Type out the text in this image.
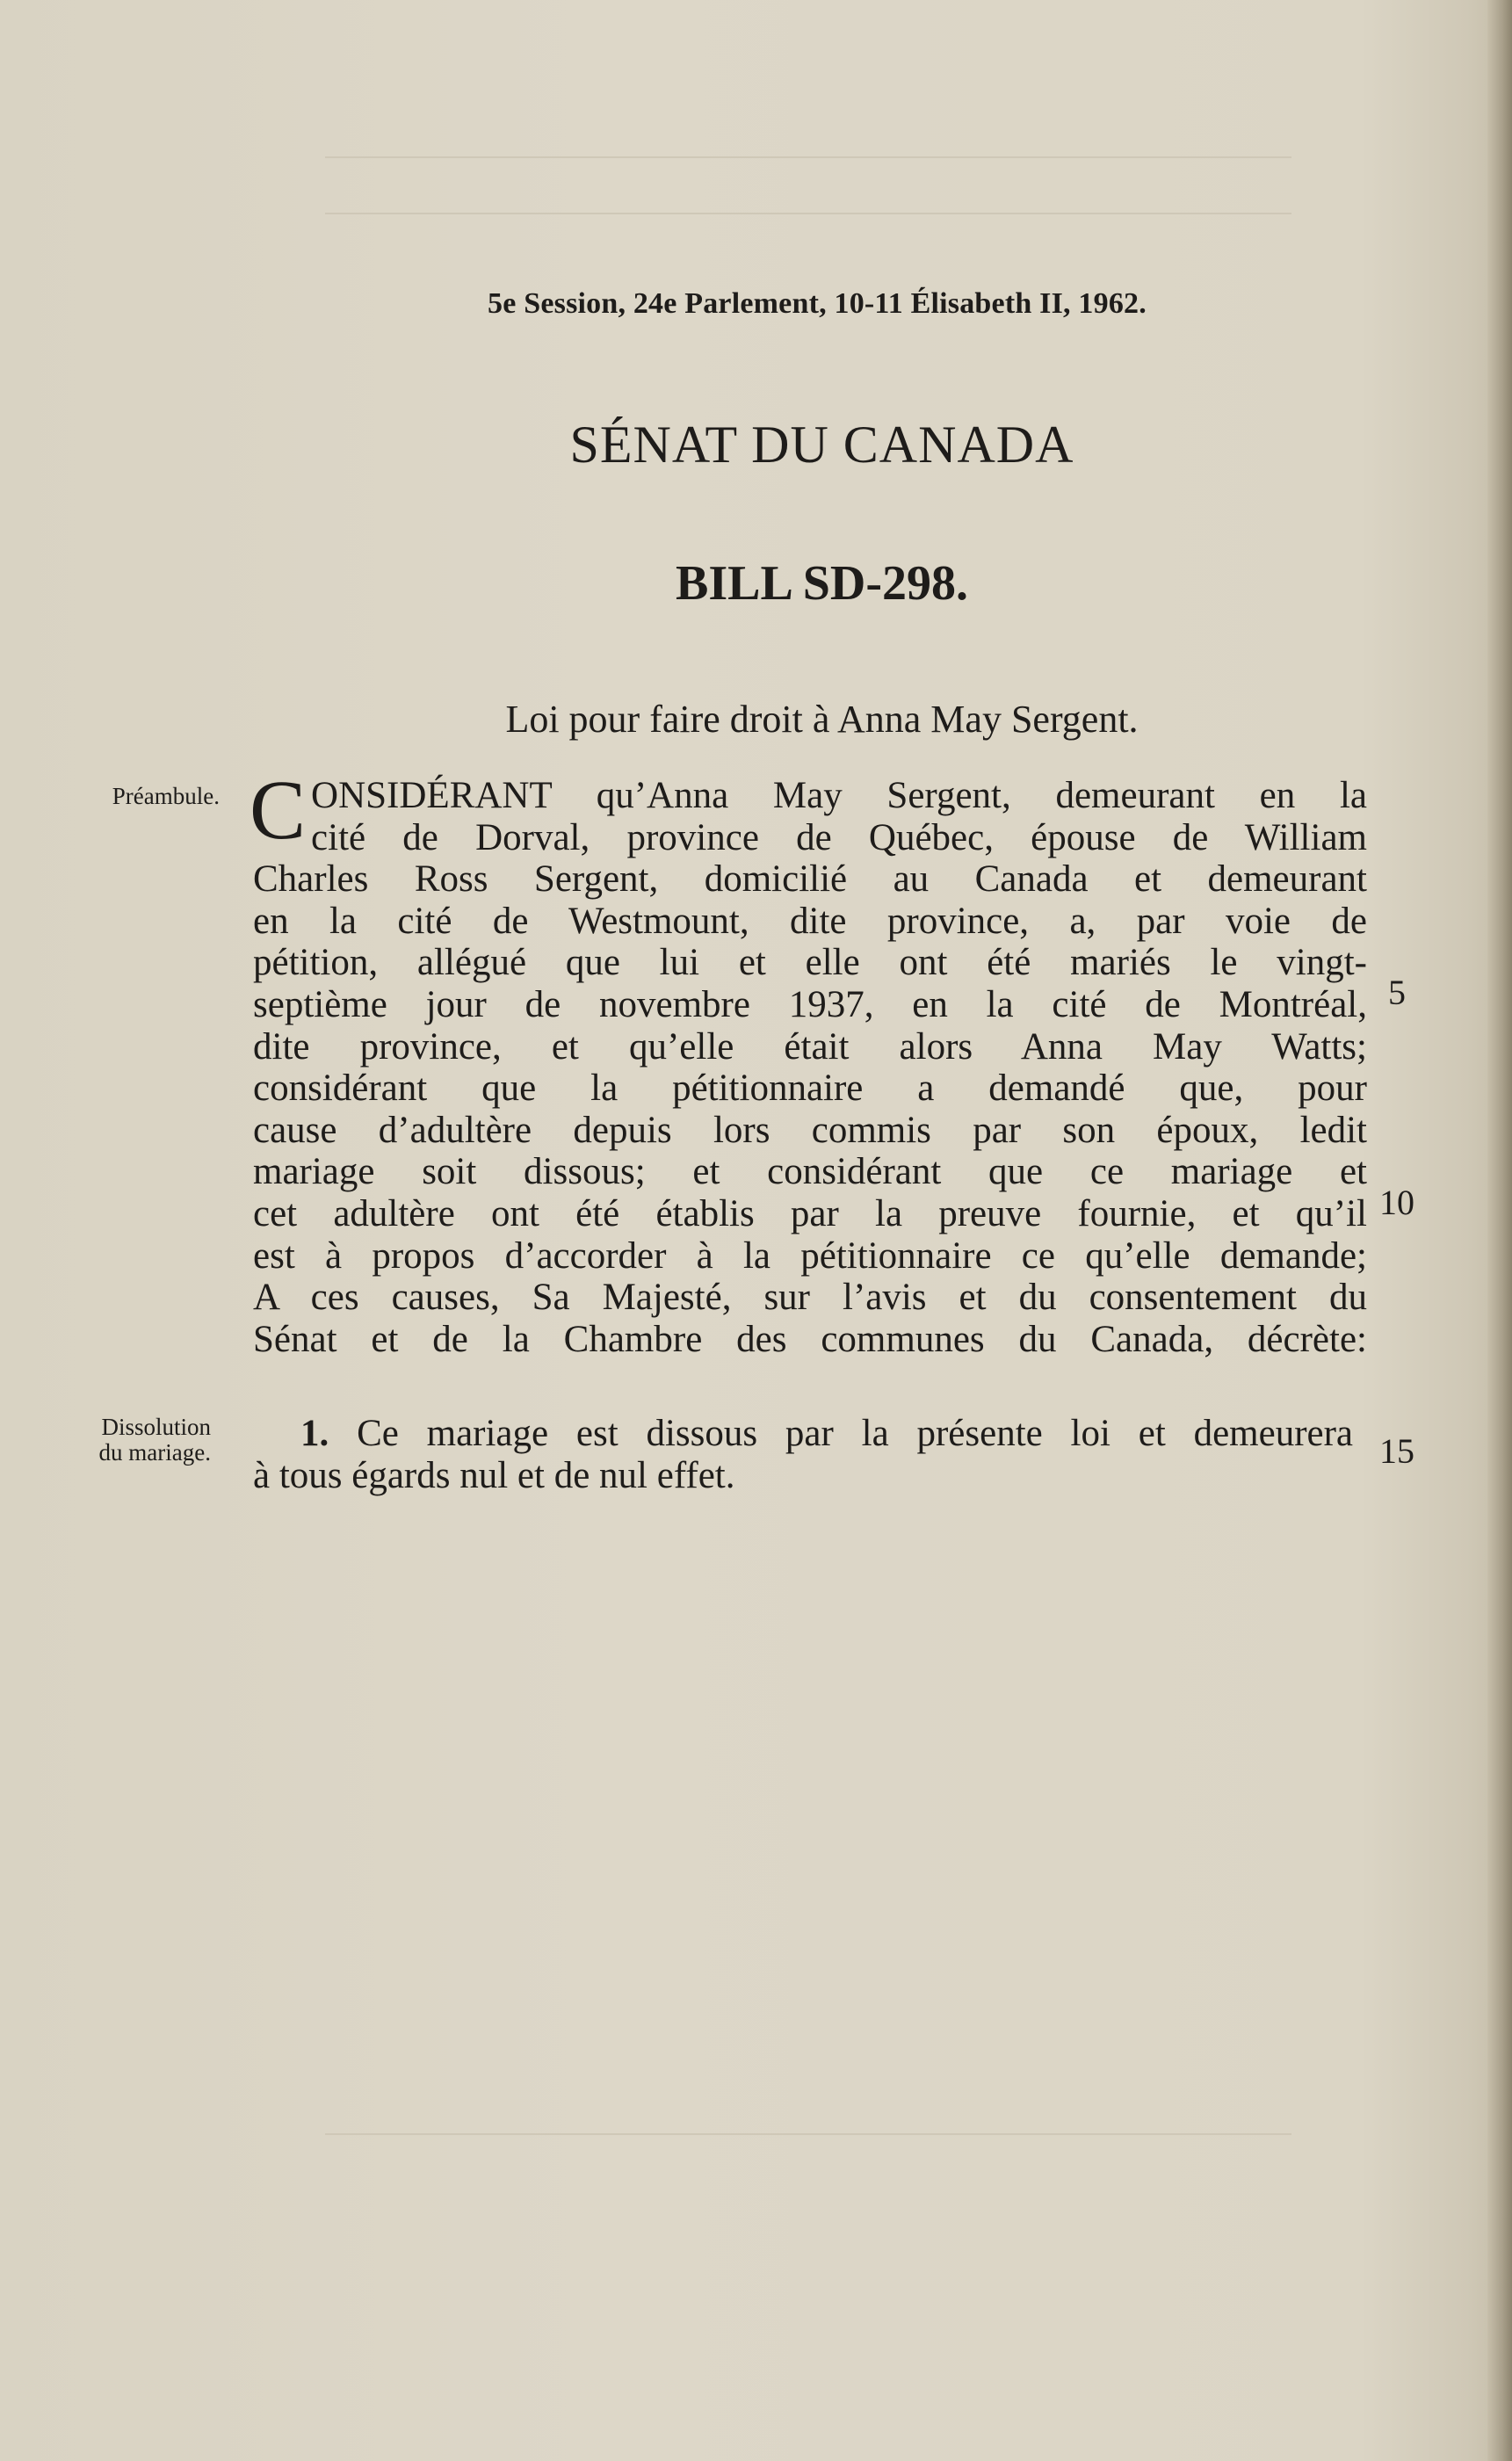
5e Session, 24e Parlement, 10-11 Élisabeth II, 1962.
SÉNAT DU CANADA
BILL SD-298.
Loi pour faire droit à Anna May Sergent.
Préambule.
Dissolution
du mariage.
C ONSIDÉRANT qu’Anna May Sergent, demeurant en la
cité de Dorval, province de Québec, épouse de William
Charles Ross Sergent, domicilié au Canada et demeurant
en la cité de Westmount, dite province, a, par voie de
pétition, allégué que lui et elle ont été mariés le vingt-
septième jour de novembre 1937, en la cité de Montréal,
dite province, et qu’elle était alors Anna May Watts;
considérant que la pétitionnaire a demandé que, pour
cause d’adultère depuis lors commis par son époux, ledit
mariage soit dissous; et considérant que ce mariage et
cet adultère ont été établis par la preuve fournie, et qu’il
est à propos d’accorder à la pétitionnaire ce qu’elle demande;
A ces causes, Sa Majesté, sur l’avis et du consentement du
Sénat et de la Chambre des communes du Canada, décrète:
5
10
15
1. Ce mariage est dissous par la présente loi et demeurera
à tous égards nul et de nul effet.
